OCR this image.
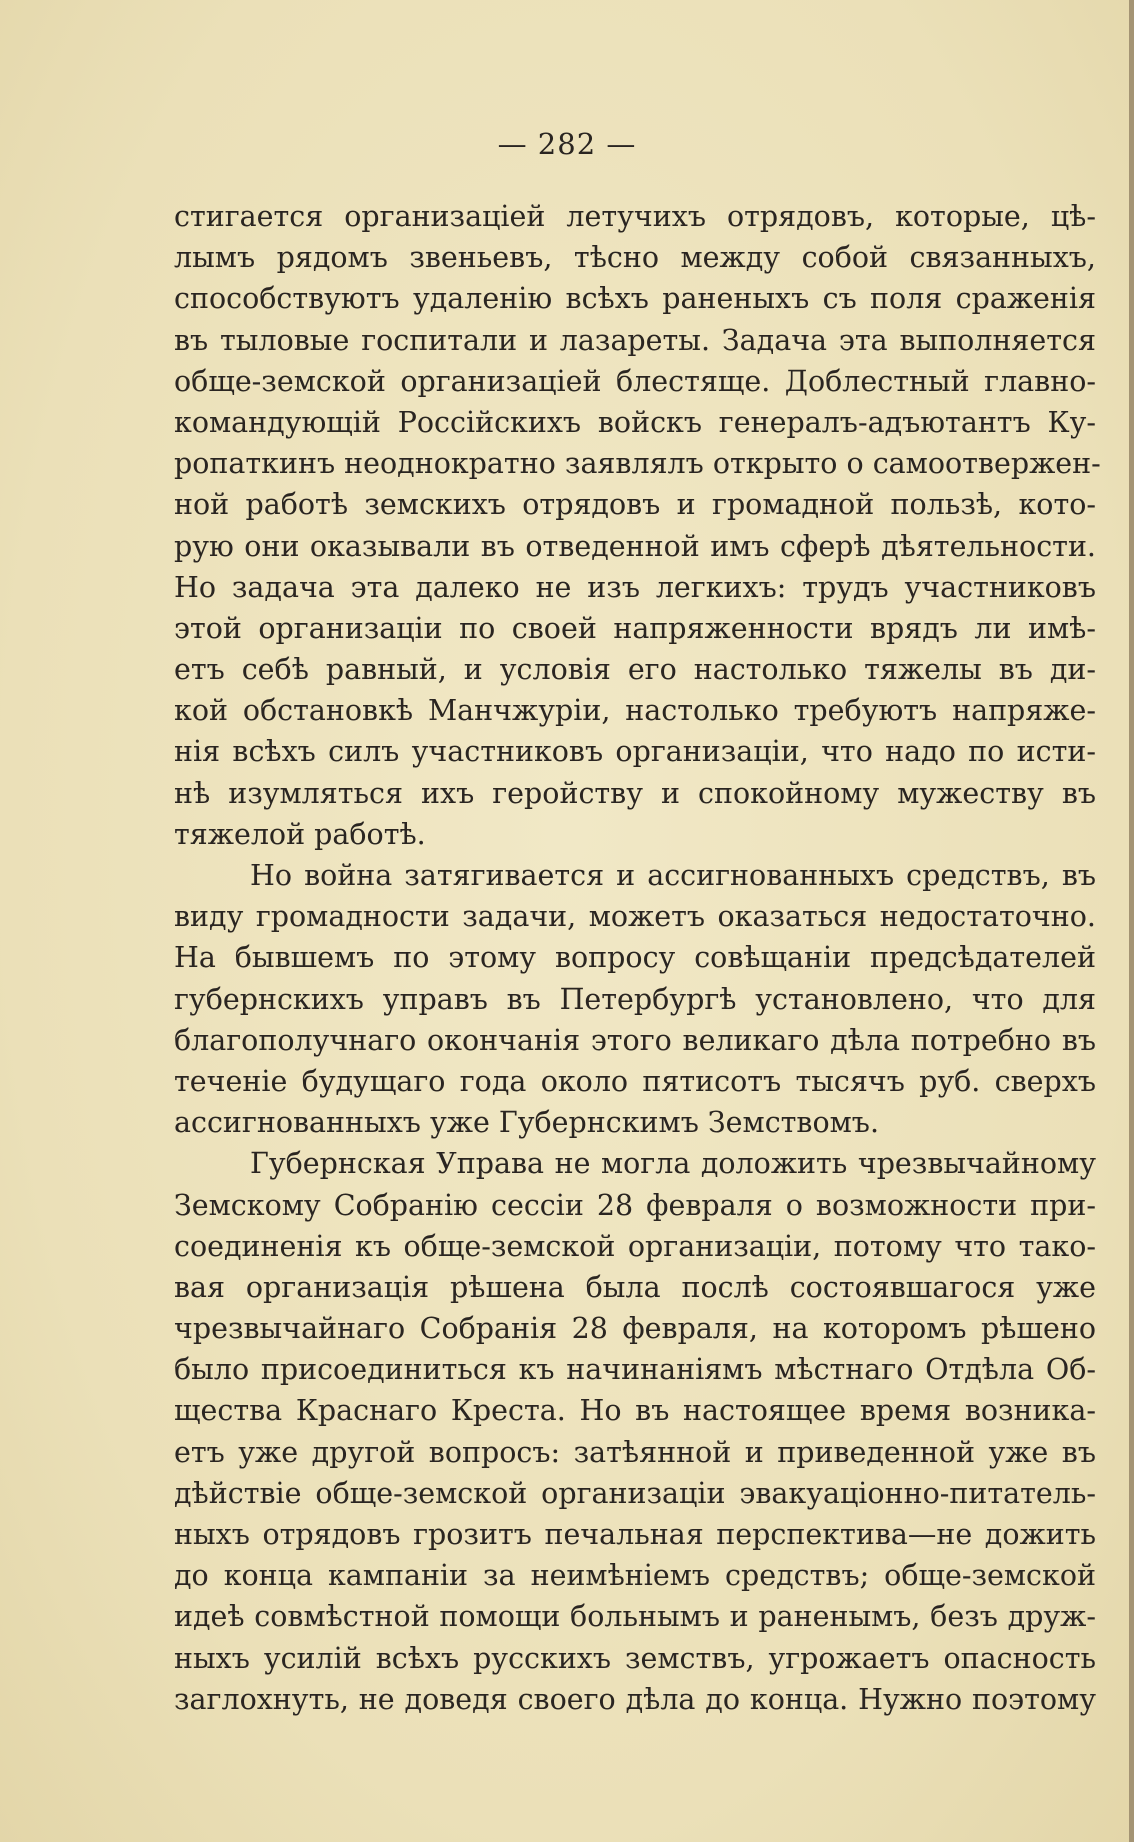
— 282 —
стигается организаціей летучихъ отрядовъ, которые, цѣ-
лымъ рядомъ звеньевъ, тѣсно между собой связанныхъ,
способствуютъ удаленію всѣхъ раненыхъ съ поля сраженія
въ тыловые госпитали и лазареты. Задача эта выполняется
обще-земской организаціей блестяще. Доблестный главно-
командующій Россійскихъ войскъ генералъ-адъютантъ Ку-
ропаткинъ неоднократно заявлялъ открыто о самоотвержен-
ной работѣ земскихъ отрядовъ и громадной пользѣ, кото-
рую они оказывали въ отведенной имъ сферѣ дѣятельности.
Но задача эта далеко не изъ легкихъ: трудъ участниковъ
этой организаціи по своей напряженности врядъ ли имѣ-
етъ себѣ равный, и условія его настолько тяжелы въ ди-
кой обстановкѣ Манчжуріи, настолько требуютъ напряже-
нія всѣхъ силъ участниковъ организаціи, что надо по исти-
нѣ изумляться ихъ геройству и спокойному мужеству въ
тяжелой работѣ.
Но война затягивается и ассигнованныхъ средствъ, въ
виду громадности задачи, можетъ оказаться недостаточно.
На бывшемъ по этому вопросу совѣщаніи предсѣдателей
губернскихъ управъ въ Петербургѣ установлено, что для
благополучнаго окончанія этого великаго дѣла потребно въ
теченіе будущаго года около пятисотъ тысячъ руб. сверхъ
ассигнованныхъ уже Губернскимъ Земствомъ.
Губернская Управа не могла доложить чрезвычайному
Земскому Собранію сессіи 28 февраля о возможности при-
соединенія къ обще-земской организаціи, потому что тако-
вая организація рѣшена была послѣ состоявшагося уже
чрезвычайнаго Собранія 28 февраля, на которомъ рѣшено
было присоединиться къ начинаніямъ мѣстнаго Отдѣла Об-
щества Краснаго Креста. Но въ настоящее время возника-
етъ уже другой вопросъ: затѣянной и приведенной уже въ
дѣйствіе обще-земской организаціи эвакуаціонно-питатель-
ныхъ отрядовъ грозитъ печальная перспектива—не дожить
до конца кампаніи за неимѣніемъ средствъ; обще-земской
идеѣ совмѣстной помощи больнымъ и раненымъ, безъ друж-
ныхъ усилій всѣхъ русскихъ земствъ, угрожаетъ опасность
заглохнуть, не доведя своего дѣла до конца. Нужно поэтому
